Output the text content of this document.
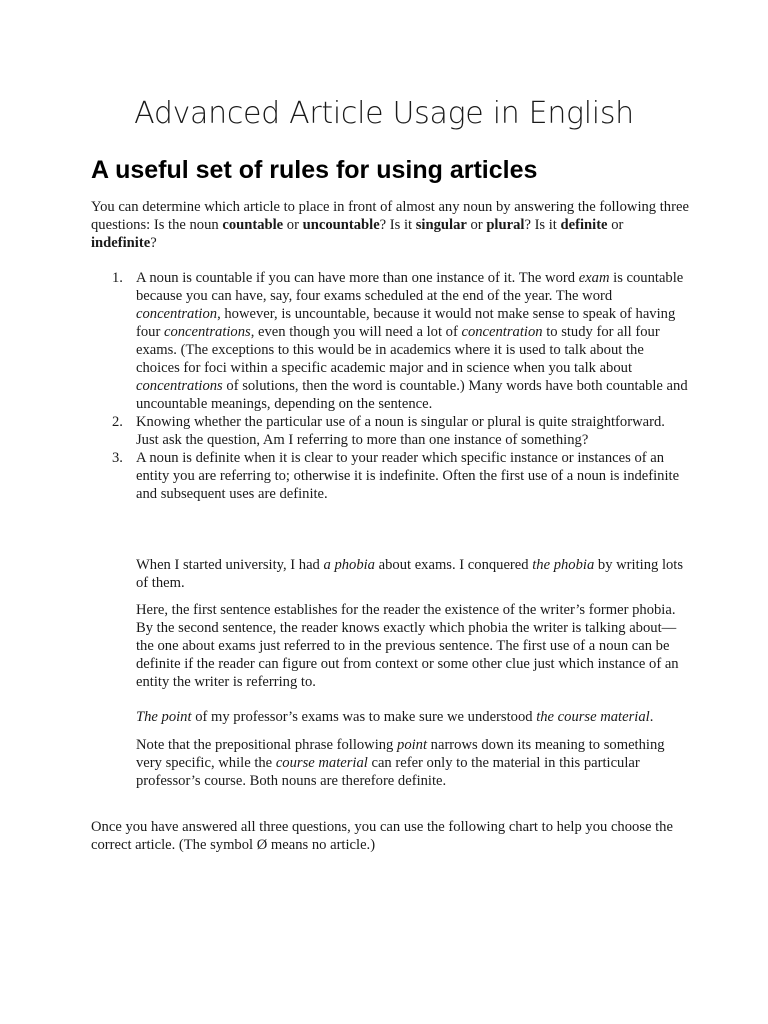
Advanced Article Usage in English
A useful set of rules for using articles
You can determine which article to place in front of almost any noun by answering the following three questions: Is the noun countable or uncountable? Is it singular or plural? Is it definite or indefinite?
1. A noun is countable if you can have more than one instance of it. The word exam is countable because you can have, say, four exams scheduled at the end of the year. The word concentration, however, is uncountable, because it would not make sense to speak of having four concentrations, even though you will need a lot of concentration to study for all four exams. (The exceptions to this would be in academics where it is used to talk about the choices for foci within a specific academic major and in science when you talk about concentrations of solutions, then the word is countable.) Many words have both countable and uncountable meanings, depending on the sentence.
2. Knowing whether the particular use of a noun is singular or plural is quite straightforward. Just ask the question, Am I referring to more than one instance of something?
3. A noun is definite when it is clear to your reader which specific instance or instances of an entity you are referring to; otherwise it is indefinite. Often the first use of a noun is indefinite and subsequent uses are definite.
When I started university, I had a phobia about exams. I conquered the phobia by writing lots of them.
Here, the first sentence establishes for the reader the existence of the writer’s former phobia. By the second sentence, the reader knows exactly which phobia the writer is talking about—the one about exams just referred to in the previous sentence. The first use of a noun can be definite if the reader can figure out from context or some other clue just which instance of an entity the writer is referring to.
The point of my professor’s exams was to make sure we understood the course material.
Note that the prepositional phrase following point narrows down its meaning to something very specific, while the course material can refer only to the material in this particular professor’s course. Both nouns are therefore definite.
Once you have answered all three questions, you can use the following chart to help you choose the correct article. (The symbol Ø means no article.)
